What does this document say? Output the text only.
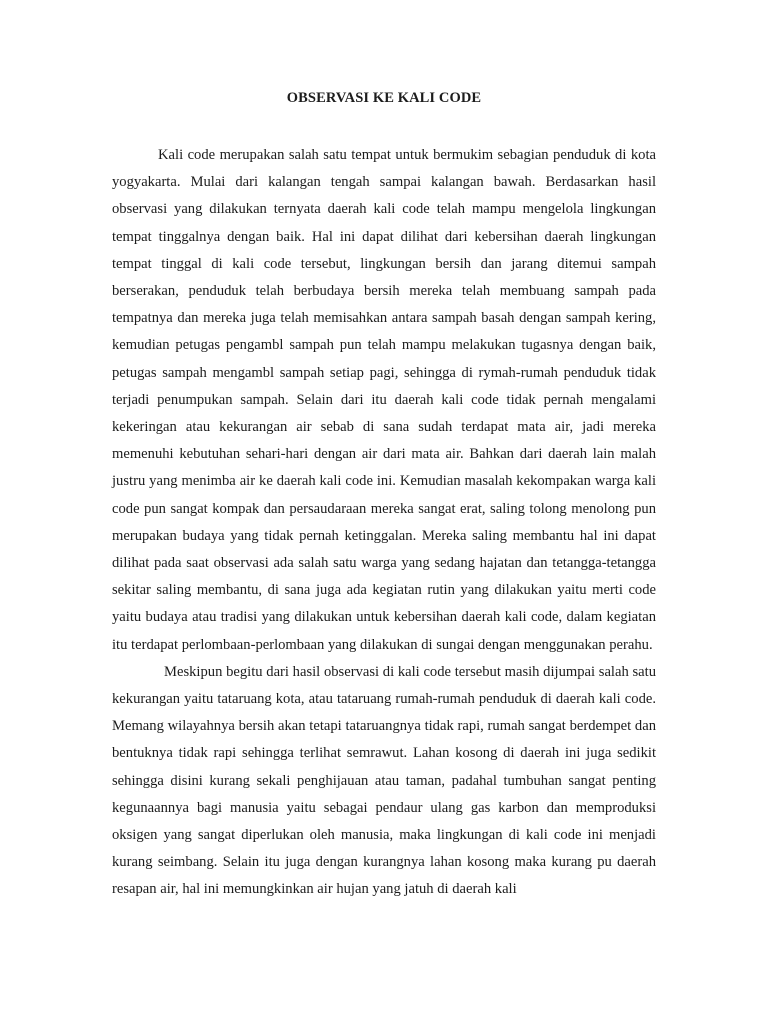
OBSERVASI KE KALI CODE

Kali code merupakan salah satu tempat untuk bermukim sebagian penduduk di kota yogyakarta. Mulai dari kalangan tengah sampai kalangan bawah. Berdasarkan hasil observasi yang dilakukan ternyata daerah kali code telah mampu mengelola lingkungan tempat tinggalnya dengan baik. Hal ini dapat dilihat dari kebersihan daerah lingkungan tempat tinggal di kali code tersebut, lingkungan bersih dan jarang ditemui sampah berserakan, penduduk telah berbudaya bersih mereka telah membuang sampah pada tempatnya dan mereka juga telah memisahkan antara sampah basah dengan sampah kering, kemudian petugas pengambl sampah pun telah mampu melakukan tugasnya dengan baik, petugas sampah mengambl sampah setiap pagi, sehingga di rymah-rumah penduduk tidak terjadi penumpukan sampah. Selain dari itu daerah kali code tidak pernah mengalami kekeringan atau kekurangan air sebab di sana sudah terdapat mata air, jadi mereka memenuhi kebutuhan sehari-hari dengan air dari mata air. Bahkan dari daerah lain malah justru yang menimba air ke daerah kali code ini. Kemudian masalah kekompakan warga kali code pun sangat kompak dan persaudaraan mereka sangat erat, saling tolong menolong pun merupakan budaya yang tidak pernah ketinggalan. Mereka saling membantu hal ini dapat dilihat pada saat observasi ada salah satu warga yang sedang hajatan dan tetangga-tetangga sekitar saling membantu, di sana juga ada kegiatan rutin yang dilakukan yaitu merti code yaitu budaya atau tradisi yang dilakukan untuk kebersihan daerah kali code, dalam kegiatan itu terdapat perlombaan-perlombaan yang dilakukan di sungai dengan menggunakan perahu.

Meskipun begitu dari hasil observasi di kali code tersebut masih dijumpai salah satu kekurangan yaitu tataruang kota, atau tataruang rumah-rumah penduduk di daerah kali code. Memang wilayahnya bersih akan tetapi tataruangnya tidak rapi, rumah sangat berdempet dan bentuknya tidak rapi sehingga terlihat semrawut. Lahan kosong di daerah ini juga sedikit sehingga disini kurang sekali penghijauan atau taman, padahal tumbuhan sangat penting kegunaannya bagi manusia yaitu sebagai pendaur ulang gas karbon dan memproduksi oksigen yang sangat diperlukan oleh manusia, maka lingkungan di kali code ini menjadi kurang seimbang. Selain itu juga dengan kurangnya lahan kosong maka kurang pu daerah resapan air, hal ini memungkinkan air hujan yang jatuh di daerah kali
